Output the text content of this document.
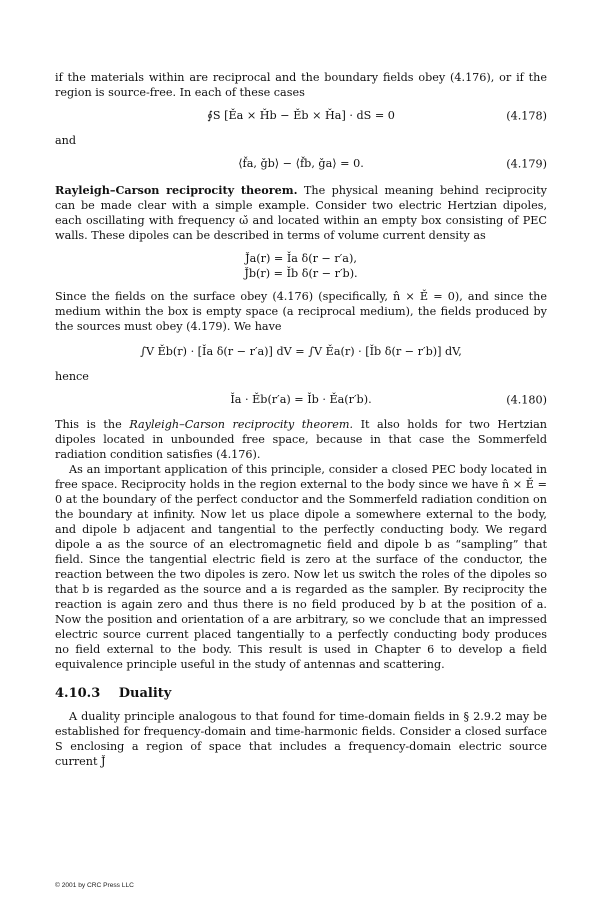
if the materials within are reciprocal and the boundary fields obey (4.176), or if the region is source-free. In each of these cases

∮S [Ěa × Ȟb − Ěb × Ȟa] · dS = 0	(4.178)

and

⟨f̌a, ǧb⟩ − ⟨f̌b, ǧa⟩ = 0.	(4.179)

Rayleigh–Carson reciprocity theorem. The physical meaning behind reciprocity can be made clear with a simple example. Consider two electric Hertzian dipoles, each oscillating with frequency ω̌ and located within an empty box consisting of PEC walls. These dipoles can be described in terms of volume current density as

J̌a(r) = Ǐa δ(r − r′a),
J̌b(r) = Ǐb δ(r − r′b).

Since the fields on the surface obey (4.176) (specifically, n̂ × Ě = 0), and since the medium within the box is empty space (a reciprocal medium), the fields produced by the sources must obey (4.179). We have

∫V Ěb(r) · [Ǐa δ(r − r′a)] dV = ∫V Ěa(r) · [Ǐb δ(r − r′b)] dV,

hence

Ǐa · Ěb(r′a) = Ǐb · Ěa(r′b).	(4.180)

This is the Rayleigh–Carson reciprocity theorem. It also holds for two Hertzian dipoles located in unbounded free space, because in that case the Sommerfeld radiation condition satisfies (4.176).

As an important application of this principle, consider a closed PEC body located in free space. Reciprocity holds in the region external to the body since we have n̂ × Ě = 0 at the boundary of the perfect conductor and the Sommerfeld radiation condition on the boundary at infinity. Now let us place dipole a somewhere external to the body, and dipole b adjacent and tangential to the perfectly conducting body. We regard dipole a as the source of an electromagnetic field and dipole b as “sampling” that field. Since the tangential electric field is zero at the surface of the conductor, the reaction between the two dipoles is zero. Now let us switch the roles of the dipoles so that b is regarded as the source and a is regarded as the sampler. By reciprocity the reaction is again zero and thus there is no field produced by b at the position of a. Now the position and orientation of a are arbitrary, so we conclude that an impressed electric source current placed tangentially to a perfectly conducting body produces no field external to the body. This result is used in Chapter 6 to develop a field equivalence principle useful in the study of antennas and scattering.

4.10.3 Duality

A duality principle analogous to that found for time-domain fields in § 2.9.2 may be established for frequency-domain and time-harmonic fields. Consider a closed surface S enclosing a region of space that includes a frequency-domain electric source current J̌

© 2001 by CRC Press LLC
